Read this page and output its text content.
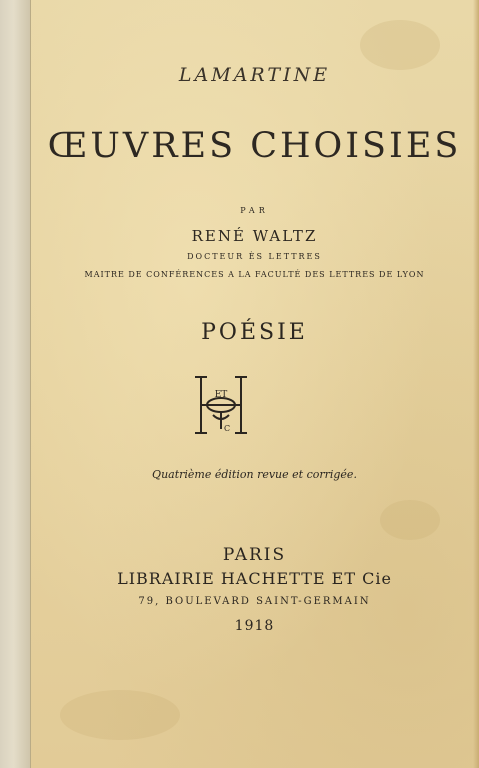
LAMARTINE
ŒUVRES CHOISIES
PAR
RENÉ WALTZ
DOCTEUR ÈS LETTRES
MAITRE DE CONFÉRENCES A LA FACULTÉ DES LETTRES DE LYON
POÉSIE
ET
C
Quatrième édition revue et corrigée.
PARIS
LIBRAIRIE HACHETTE ET Cie
79, BOULEVARD SAINT-GERMAIN
1918
